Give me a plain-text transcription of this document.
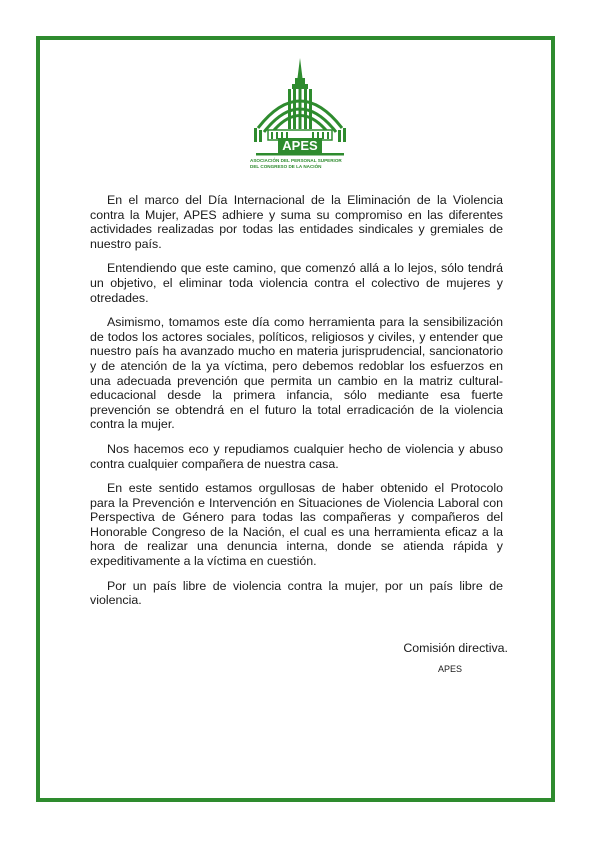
APES
ASOCIACIÓN DEL PERSONAL SUPERIOR
DEL CONGRESO DE LA NACIÓN

En el marco del Día Internacional de la Eliminación de la Violencia contra la Mujer, APES adhiere y suma su compromiso en las diferentes actividades realizadas por todas las entidades sindicales y gremiales de nuestro país.

Entendiendo que este camino, que comenzó allá a lo lejos, sólo tendrá un objetivo, el eliminar toda violencia contra el colectivo de mujeres y otredades.

Asimismo, tomamos este día como herramienta para la sensibilización de todos los actores sociales, políticos, religiosos y civiles, y entender que nuestro país ha avanzado mucho en materia jurisprudencial, sancionatorio y de atención de la ya víctima, pero debemos redoblar los esfuerzos en una adecuada prevención que permita un cambio en la matriz cultural-educacional desde la primera infancia, sólo mediante esa fuerte prevención se obtendrá en el futuro la total erradicación de la violencia contra la mujer.

Nos hacemos eco y repudiamos cualquier hecho de violencia y abuso contra cualquier compañera de nuestra casa.

En este sentido estamos orgullosas de haber obtenido el Protocolo para la Prevención e Intervención en Situaciones de Violencia Laboral con Perspectiva de Género para todas las compañeras y compañeros del Honorable Congreso de la Nación, el cual es una herramienta eficaz a la hora de realizar una denuncia interna, donde se atienda rápida y expeditivamente a la víctima en cuestión.

Por un país libre de violencia contra la mujer, por un país libre de violencia.

Comisión directiva.
APES
